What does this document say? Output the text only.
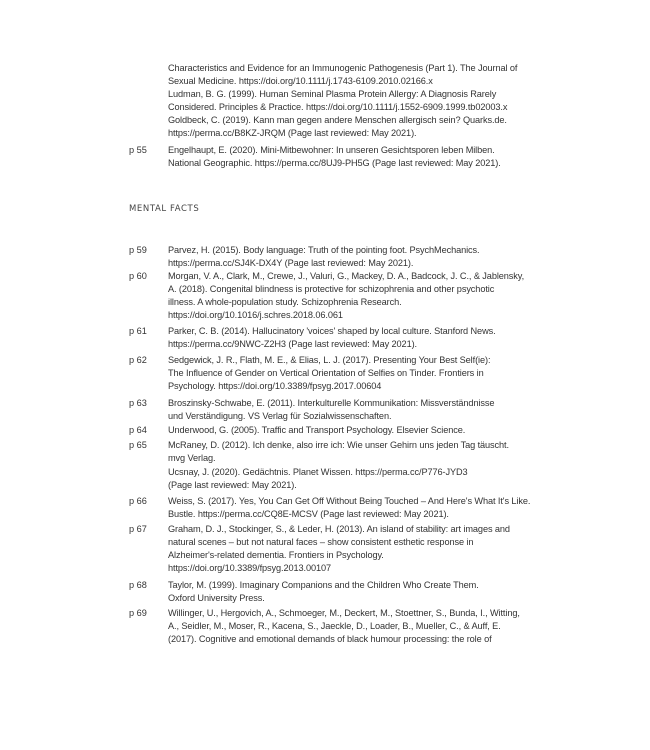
Characteristics and Evidence for an Immunogenic Pathogenesis (Part 1). The Journal of
Sexual Medicine. https://doi.org/10.1111/j.1743-6109.2010.02166.x
Ludman, B. G. (1999). Human Seminal Plasma Protein Allergy: A Diagnosis Rarely
Considered. Principles & Practice. https://doi.org/10.1111/j.1552-6909.1999.tb02003.x
Goldbeck, C. (2019). Kann man gegen andere Menschen allergisch sein? Quarks.de.
https://perma.cc/B8KZ-JRQM (Page last reviewed: May 2021).
p 55 Engelhaupt, E. (2020). Mini-Mitbewohner: In unseren Gesichtsporen leben Milben.
National Geographic. https://perma.cc/8UJ9-PH5G (Page last reviewed: May 2021).
MENTAL FACTS
p 59 Parvez, H. (2015). Body language: Truth of the pointing foot. PsychMechanics.
https://perma.cc/SJ4K-DX4Y (Page last reviewed: May 2021).
p 60 Morgan, V. A., Clark, M., Crewe, J., Valuri, G., Mackey, D. A., Badcock, J. C., & Jablensky,
A. (2018). Congenital blindness is protective for schizophrenia and other psychotic
illness. A whole-population study. Schizophrenia Research.
https://doi.org/10.1016/j.schres.2018.06.061
p 61 Parker, C. B. (2014). Hallucinatory 'voices' shaped by local culture. Stanford News.
https://perma.cc/9NWC-Z2H3 (Page last reviewed: May 2021).
p 62 Sedgewick, J. R., Flath, M. E., & Elias, L. J. (2017). Presenting Your Best Self(ie):
The Influence of Gender on Vertical Orientation of Selfies on Tinder. Frontiers in
Psychology. https://doi.org/10.3389/fpsyg.2017.00604
p 63 Broszinsky-Schwabe, E. (2011). Interkulturelle Kommunikation: Missverständnisse
und Verständigung. VS Verlag für Sozialwissenschaften.
p 64 Underwood, G. (2005). Traffic and Transport Psychology. Elsevier Science.
p 65 McRaney, D. (2012). Ich denke, also irre ich: Wie unser Gehirn uns jeden Tag täuscht.
mvg Verlag.
Ucsnay, J. (2020). Gedächtnis. Planet Wissen. https://perma.cc/P776-JYD3
(Page last reviewed: May 2021).
p 66 Weiss, S. (2017). Yes, You Can Get Off Without Being Touched – And Here's What It's Like.
Bustle. https://perma.cc/CQ8E-MCSV (Page last reviewed: May 2021).
p 67 Graham, D. J., Stockinger, S., & Leder, H. (2013). An island of stability: art images and
natural scenes – but not natural faces – show consistent esthetic response in
Alzheimer's-related dementia. Frontiers in Psychology.
https://doi.org/10.3389/fpsyg.2013.00107
p 68 Taylor, M. (1999). Imaginary Companions and the Children Who Create Them.
Oxford University Press.
p 69 Willinger, U., Hergovich, A., Schmoeger, M., Deckert, M., Stoettner, S., Bunda, I., Witting,
A., Seidler, M., Moser, R., Kacena, S., Jaeckle, D., Loader, B., Mueller, C., & Auff, E.
(2017). Cognitive and emotional demands of black humour processing: the role of
